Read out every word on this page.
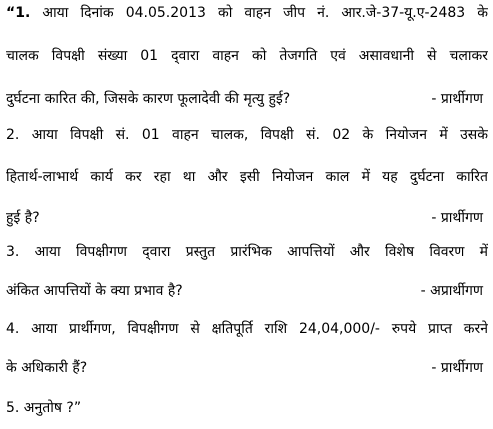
“1. आया दिनांक 04.05.2013 को वाहन जीप नं. आर.जे-37-यू.ए-2483 के
चालक विपक्षी संख्या 01 द्‌वारा वाहन को तेजगति एवं असावधानी से चलाकर
दुर्घटना कारित की, जिसके कारण फूलादेवी की मृत्यु हुई?	- प्रार्थीगण
2. आया विपक्षी सं. 01 वाहन चालक, विपक्षी सं. 02 के नियोजन में उसके
हितार्थ-लाभार्थ कार्य कर रहा था और इसी नियोजन काल में यह दुर्घटना कारित
हुई है?	- प्रार्थीगण
3. आया विपक्षीगण द्‌वारा प्रस्तुत प्रारंभिक आपत्तियों और विशेष विवरण में
अंकित आपत्तियों के क्या प्रभाव है?	- अप्रार्थीगण
4. आया प्रार्थीगण, विपक्षीगण से क्षतिपूर्ति राशि 24,04,000/- रुपये प्राप्त करने
के अधिकारी हैं?	- प्रार्थीगण
5. अनुतोष ?”
